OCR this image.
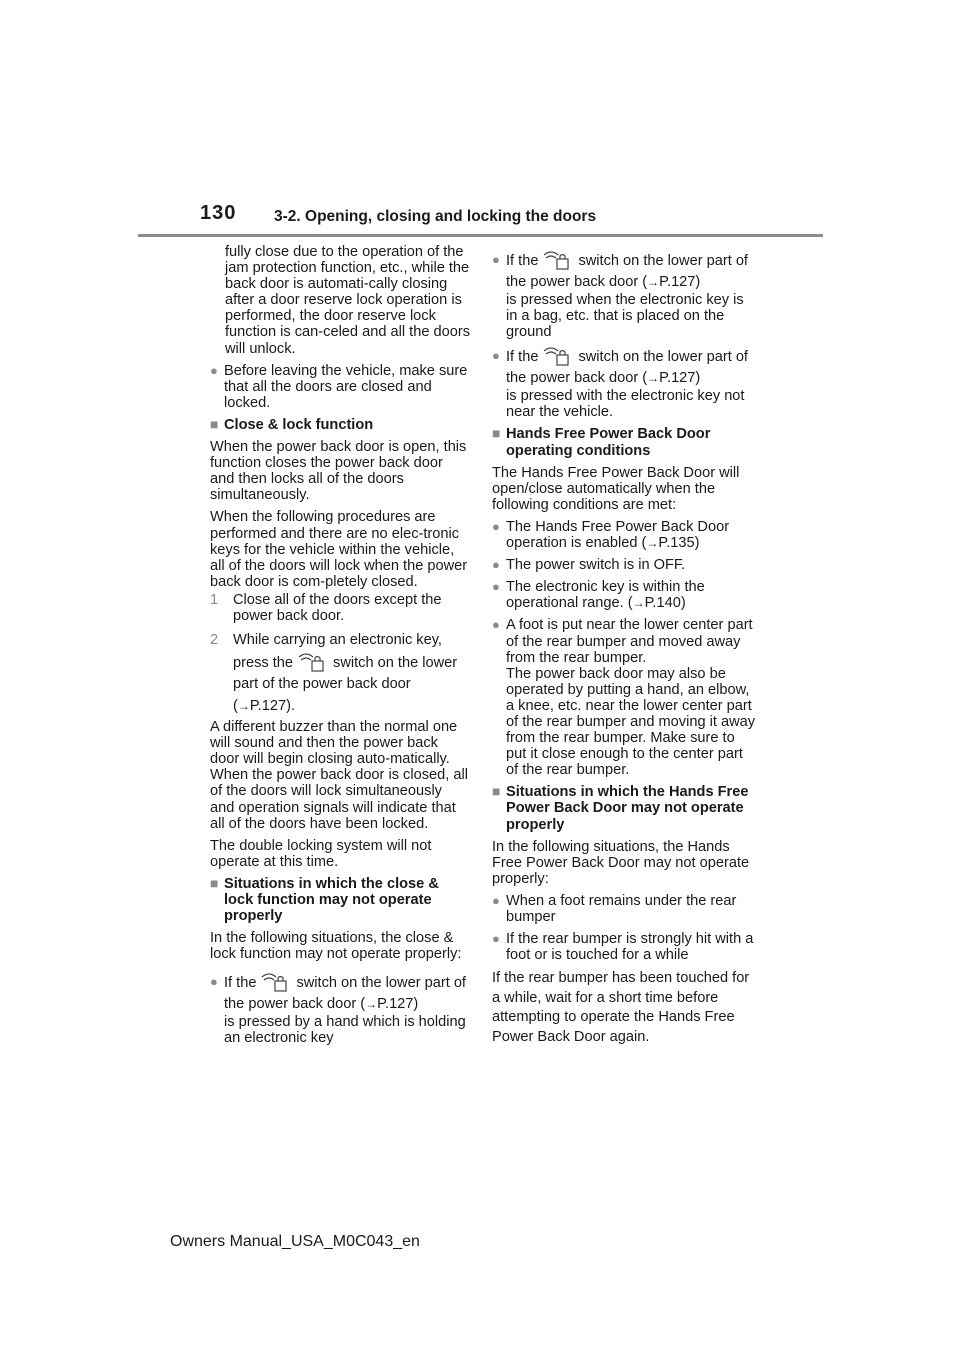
130 3-2. Opening, closing and locking the doors

fully close due to the operation of the jam protection function, etc., while the back door is automati-cally closing after a door reserve lock operation is performed, the door reserve lock function is can-celed and all the doors will unlock.

● Before leaving the vehicle, make sure that all the doors are closed and locked.
■ Close & lock function

When the power back door is open, this function closes the power back door and then locks all of the doors simultaneously.

When the following procedures are performed and there are no elec-tronic keys for the vehicle within the vehicle, all of the doors will lock when the power back door is com-pletely closed.

1 Close all of the doors except the power back door.
2 While carrying an electronic key, press the	switch on the lower part of the power back door (→P.127).

A different buzzer than the normal one will sound and then the power back door will begin closing auto-matically. When the power back door is closed, all of the doors will lock simultaneously and operation signals will indicate that all of the doors have been locked.

The double locking system will not operate at this time.

■ Situations in which the close & lock function may not operate properly

In the following situations, the close & lock function may not operate properly:

● If the	switch on the lower part of the power back door (→P.127)
is pressed by a hand which is holding an electronic key
● If the	switch on the lower part of the power back door (→P.127)
is pressed when the electronic key is in a bag, etc. that is placed on the ground
● If the	switch on the lower part of the power back door (→P.127)
is pressed with the electronic key not near the vehicle.
■ Hands Free Power Back Door operating conditions

The Hands Free Power Back Door will open/close automatically when the following conditions are met:

● The Hands Free Power Back Door operation is enabled (→P.135)
● The power switch is in OFF.
● The electronic key is within the operational range. (→P.140)
● A foot is put near the lower center part of the rear bumper and moved away from the rear bumper.
The power back door may also be operated by putting a hand, an elbow, a knee, etc. near the lower center part of the rear bumper and moving it away from the rear bumper. Make sure to put it close enough to the center part of the rear bumper.
■ Situations in which the Hands Free Power Back Door may not operate properly

In the following situations, the Hands Free Power Back Door may not operate properly:

● When a foot remains under the rear bumper
● If the rear bumper is strongly hit with a foot or is touched for a while

If the rear bumper has been touched for a while, wait for a short time before attempting to operate the Hands Free Power Back Door again.

Owners Manual_USA_M0C043_en
